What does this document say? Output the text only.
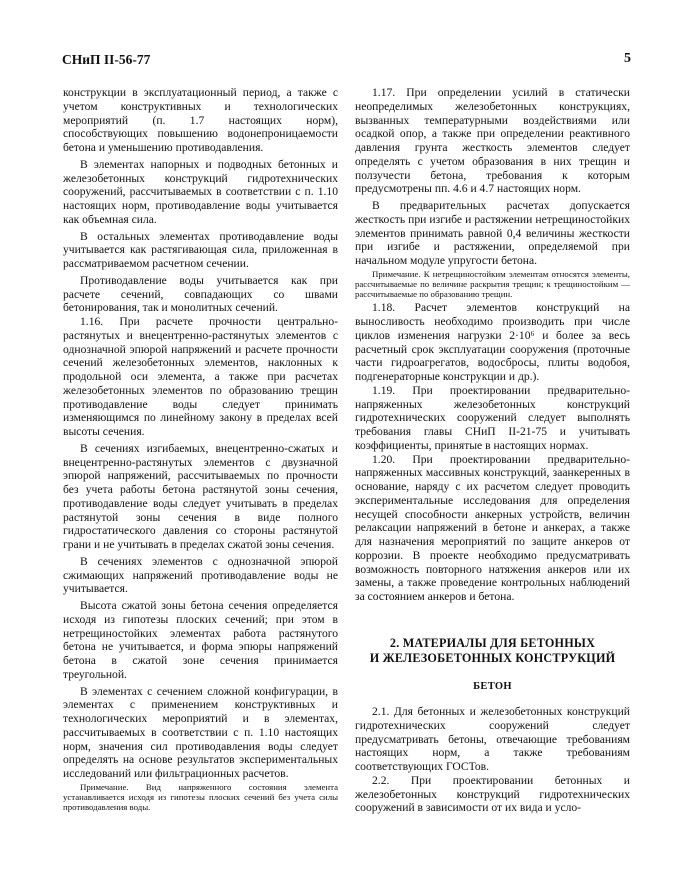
СНиП II-56-77	5

конструкции в эксплуатационный период, а также с учетом конструктивных и технологических мероприятий (п. 1.7 настоящих норм), способствующих повышению водонепроницаемости бетона и уменьшению противодавления.

В элементах напорных и подводных бетонных и железобетонных конструкций гидротехнических сооружений, рассчитываемых в соответствии с п. 1.10 настоящих норм, противодавление воды учитывается как объемная сила.

В остальных элементах противодавление воды учитывается как растягивающая сила, приложенная в рассматриваемом расчетном сечении.

Противодавление воды учитывается как при расчете сечений, совпадающих со швами бетонирования, так и монолитных сечений.

1.16. При расчете прочности центрально-растянутых и внецентренно-растянутых элементов с однозначной эпюрой напряжений и расчете прочности сечений железобетонных элементов, наклонных к продольной оси элемента, а также при расчетах железобетонных элементов по образованию трещин противодавление воды следует принимать изменяющимся по линейному закону в пределах всей высоты сечения.

В сечениях изгибаемых, внецентренно-сжатых и внецентренно-растянутых элементов с двузначной эпюрой напряжений, рассчитываемых по прочности без учета работы бетона растянутой зоны сечения, противодавление воды следует учитывать в пределах растянутой зоны сечения в виде полного гидростатического давления со стороны растянутой грани и не учитывать в пределах сжатой зоны сечения.

В сечениях элементов с однозначной эпюрой сжимающих напряжений противодавление воды не учитывается.

Высота сжатой зоны бетона сечения определяется исходя из гипотезы плоских сечений; при этом в нетрещиностойких элементах работа растянутого бетона не учитывается, и форма эпюры напряжений бетона в сжатой зоне сечения принимается треугольной.

В элементах с сечением сложной конфигурации, в элементах с применением конструктивных и технологических мероприятий и в элементах, рассчитываемых в соответствии с п. 1.10 настоящих норм, значения сил противодавления воды следует определять на основе результатов экспериментальных исследований или фильтрационных расчетов.

Примечание. Вид напряженного состояния элемента устанавливается исходя из гипотезы плоских сечений без учета силы противодавления воды.

1.17. При определении усилий в статически неопределимых железобетонных конструкциях, вызванных температурными воздействиями или осадкой опор, а также при определении реактивного давления грунта жесткость элементов следует определять с учетом образования в них трещин и ползучести бетона, требования к которым предусмотрены пп. 4.6 и 4.7 настоящих норм.

В предварительных расчетах допускается жесткость при изгибе и растяжении нетрещиностойких элементов принимать равной 0,4 величины жесткости при изгибе и растяжении, определяемой при начальном модуле упругости бетона.

Примечание. К нетрещиностойким элементам относятся элементы, рассчитываемые по величине раскрытия трещин; к трещиностойким — рассчитываемые по образованию трещин.

1.18. Расчет элементов конструкций на выносливость необходимо производить при числе циклов изменения нагрузки 2·10⁶ и более за весь расчетный срок эксплуатации сооружения (проточные части гидроагрегатов, водосбросы, плиты водобоя, подгенераторные конструкции и др.).

1.19. При проектировании предварительно-напряженных железобетонных конструкций гидротехнических сооружений следует выполнять требования главы СНиП II-21-75 и учитывать коэффициенты, принятые в настоящих нормах.

1.20. При проектировании предварительно-напряженных массивных конструкций, заанкеренных в основание, наряду с их расчетом следует проводить экспериментальные исследования для определения несущей способности анкерных устройств, величин релаксации напряжений в бетоне и анкерах, а также для назначения мероприятий по защите анкеров от коррозии. В проекте необходимо предусматривать возможность повторного натяжения анкеров или их замены, а также проведение контрольных наблюдений за состоянием анкеров и бетона.

2. МАТЕРИАЛЫ ДЛЯ БЕТОННЫХ
И ЖЕЛЕЗОБЕТОННЫХ КОНСТРУКЦИЙ
БЕТОН

2.1. Для бетонных и железобетонных конструкций гидротехнических сооружений следует предусматривать бетоны, отвечающие требованиям настоящих норм, а также требованиям соответствующих ГОСТов.

2.2. При проектировании бетонных и железобетонных конструкций гидротехнических сооружений в зависимости от их вида и усло-
